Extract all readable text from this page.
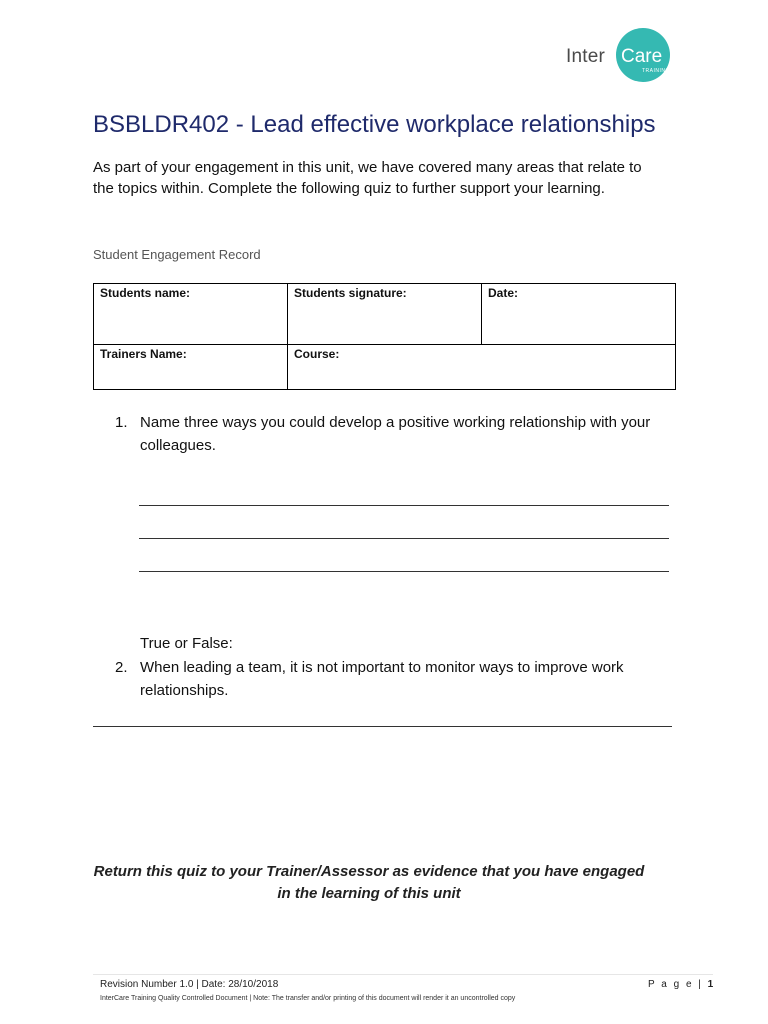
Inter Care
TRAINING
BSBLDR402 - Lead effective workplace relationships
As part of your engagement in this unit, we have covered many areas that relate to the topics within. Complete the following quiz to further support your learning.
Student Engagement Record
Students name:	Students signature:	Date:
Trainers Name:	Course:	
1. Name three ways you could develop a positive working relationship with your colleagues.
True or False:
2. When leading a team, it is not important to monitor ways to improve work relationships.
Return this quiz to your Trainer/Assessor as evidence that you have engaged in the learning of this unit
Revision Number 1.0 | Date: 28/10/2018	P a g e | 1
InterCare Training Quality Controlled Document | Note: The transfer and/or printing of this document will render it an uncontrolled copy
